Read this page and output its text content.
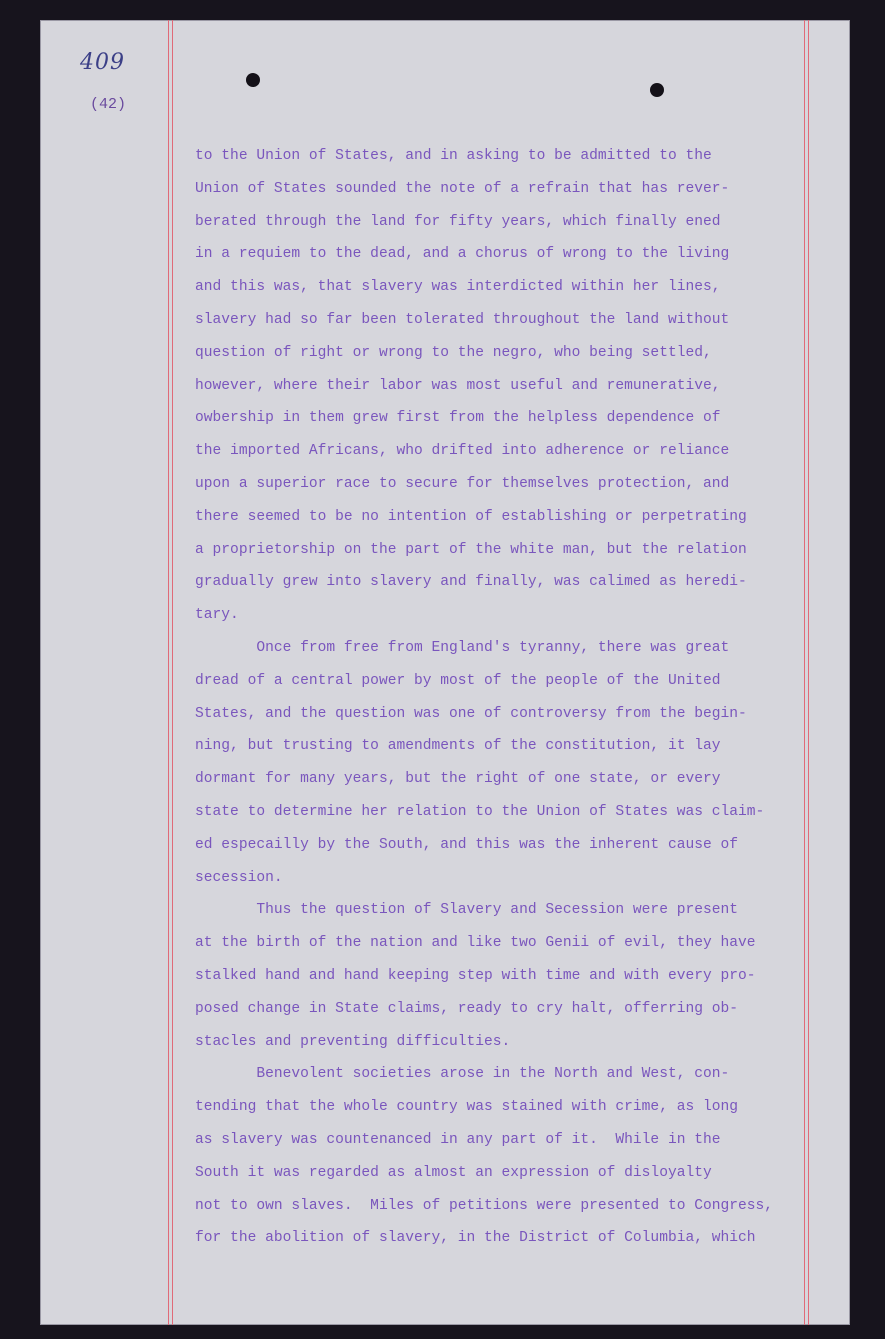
409
(42)
to the Union of States, and in asking to be admitted to the
Union of States sounded the note of a refrain that has rever-
berated through the land for fifty years, which finally ened
in a requiem to the dead, and a chorus of wrong to the living
and this was, that slavery was interdicted within her lines,
slavery had so far been tolerated throughout the land without
question of right or wrong to the negro, who being settled,
however, where their labor was most useful and remunerative,
owbership in them grew first from the helpless dependence of
the imported Africans, who drifted into adherence or reliance
upon a superior race to secure for themselves protection, and
there seemed to be no intention of establishing or perpetrating
a proprietorship on the part of the white man, but the relation
gradually grew into slavery and finally, was calimed as heredi-
tary.
Once from free from England's tyranny, there was great
dread of a central power by most of the people of the United
States, and the question was one of controversy from the begin-
ning, but trusting to amendments of the constitution, it lay
dormant for many years, but the right of one state, or every
state to determine her relation to the Union of States was claim-
ed especailly by the South, and this was the inherent cause of
secession.
Thus the question of Slavery and Secession were present
at the birth of the nation and like two Genii of evil, they have
stalked hand and hand keeping step with time and with every pro-
posed change in State claims, ready to cry halt, offerring ob-
stacles and preventing difficulties.
Benevolent societies arose in the North and West, con-
tending that the whole country was stained with crime, as long
as slavery was countenanced in any part of it.  While in the
South it was regarded as almost an expression of disloyalty
not to own slaves.  Miles of petitions were presented to Congress,
for the abolition of slavery, in the District of Columbia, which
